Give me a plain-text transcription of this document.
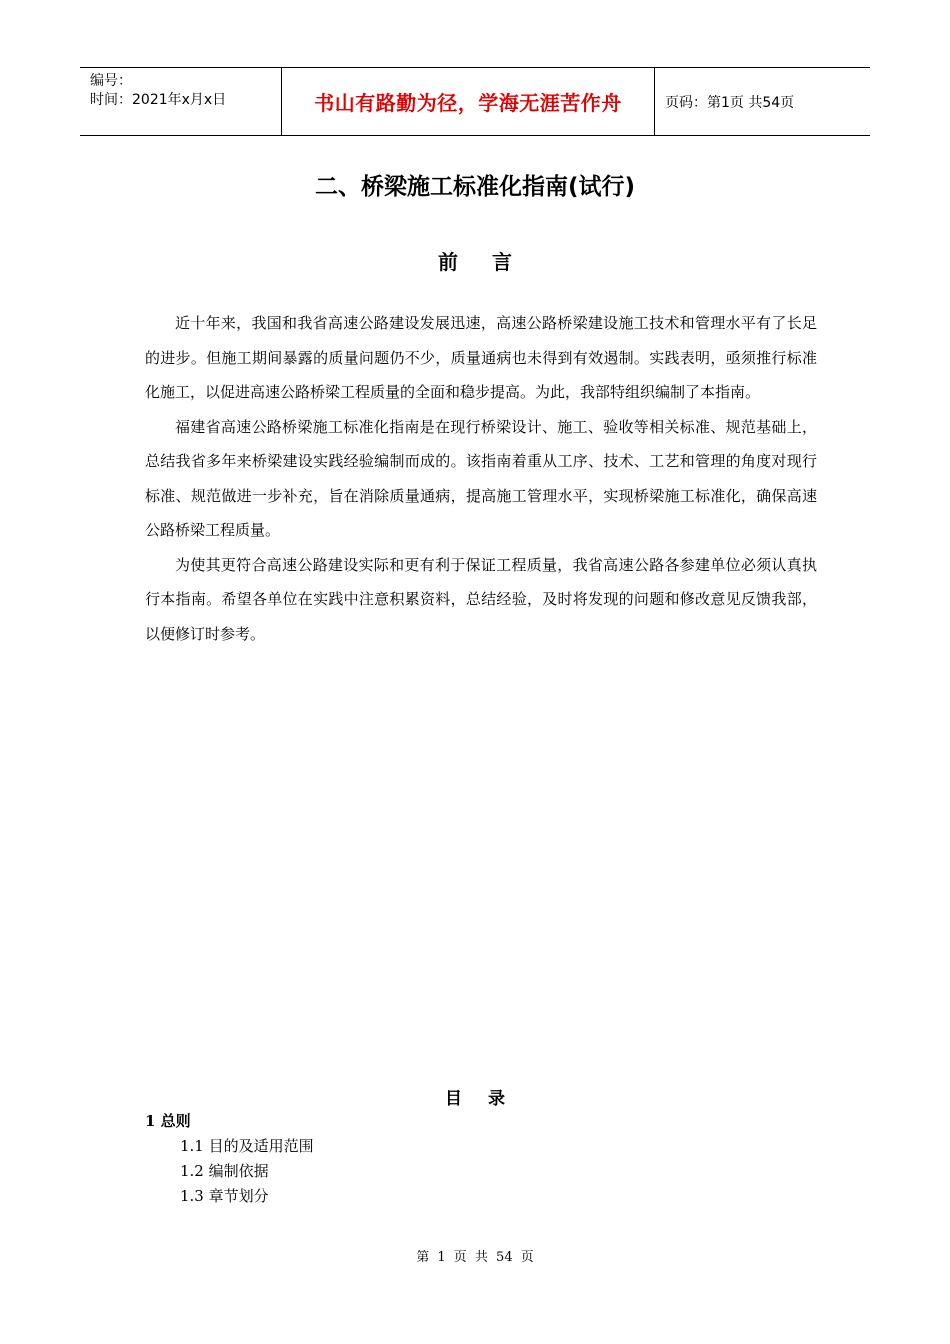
编号：
时间：2021年x月x日	书山有路勤为径，学海无涯苦作舟	页码：第1页 共54页
二、桥梁施工标准化指南(试行)
前言

近十年来，我国和我省高速公路建设发展迅速，高速公路桥梁建设施工技术和管理水平有了长足的进步。但施工期间暴露的质量问题仍不少，质量通病也未得到有效遏制。实践表明，亟须推行标准化施工，以促进高速公路桥梁工程质量的全面和稳步提高。为此，我部特组织编制了本指南。

福建省高速公路桥梁施工标准化指南是在现行桥梁设计、施工、验收等相关标准、规范基础上，总结我省多年来桥梁建设实践经验编制而成的。该指南着重从工序、技术、工艺和管理的角度对现行标准、规范做进一步补充，旨在消除质量通病，提高施工管理水平，实现桥梁施工标准化，确保高速公路桥梁工程质量。

为使其更符合高速公路建设实际和更有利于保证工程质量，我省高速公路各参建单位必须认真执行本指南。希望各单位在实践中注意积累资料，总结经验，及时将发现的问题和修改意见反馈我部，以便修订时参考。

目录
1 总则
1.1 目的及适用范围
1.2 编制依据
1.3 章节划分
第 1 页 共 54 页
